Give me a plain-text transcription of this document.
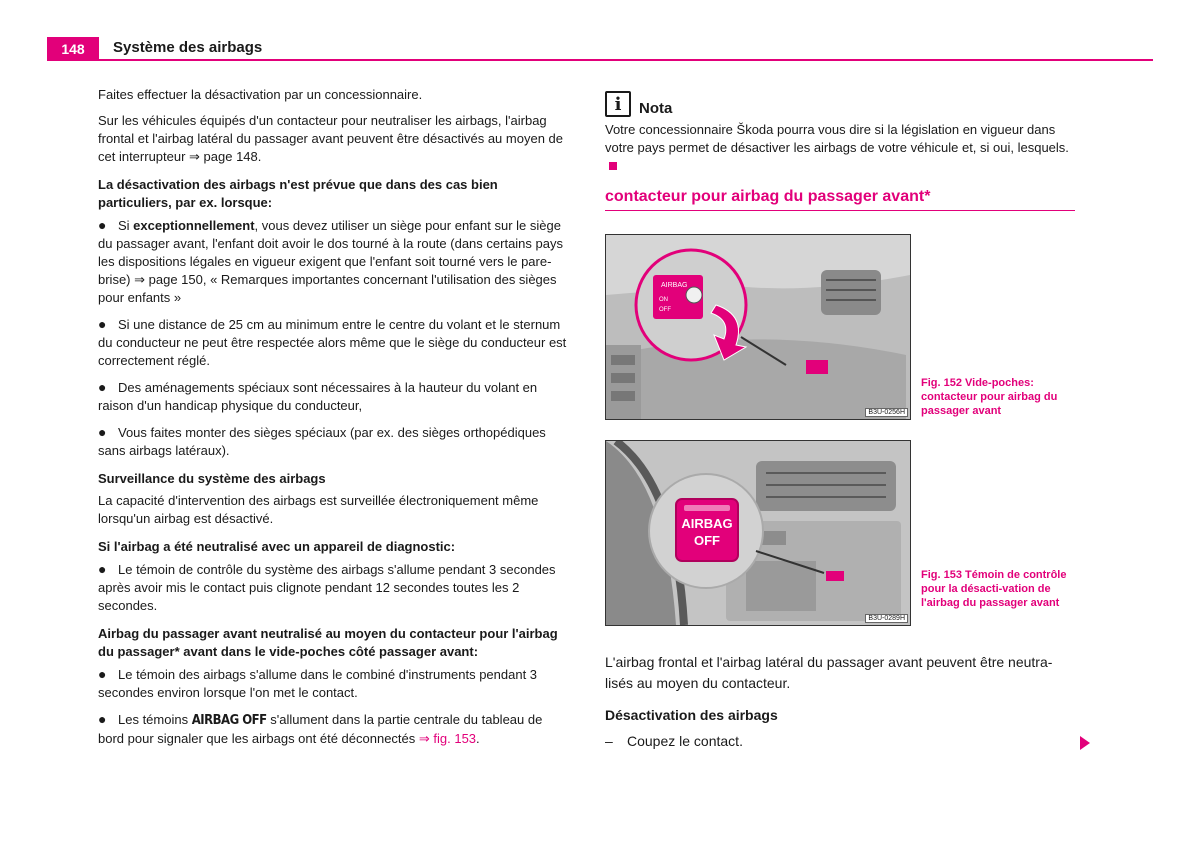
148	Système des airbags

Faites effectuer la désactivation par un concessionnaire.

Sur les véhicules équipés d'un contacteur pour neutraliser les airbags, l'airbag frontal et l'airbag latéral du passager avant peuvent être désactivés au moyen de cet interrupteur ⇒ page 148.

La désactivation des airbags n'est prévue que dans des cas bien particuliers, par ex. lorsque:

● Si exceptionnellement, vous devez utiliser un siège pour enfant sur le siège du passager avant, l'enfant doit avoir le dos tourné à la route (dans certains pays les dispositions légales en vigueur exigent que l'enfant soit tourné vers le pare-brise) ⇒ page 150, « Remarques importantes concernant l'utilisation des sièges pour enfants »

● Si une distance de 25 cm au minimum entre le centre du volant et le sternum du conducteur ne peut être respectée alors même que le siège du conducteur est correctement réglé.

● Des aménagements spéciaux sont nécessaires à la hauteur du volant en raison d'un handicap physique du conducteur,

● Vous faites monter des sièges spéciaux (par ex. des sièges orthopédiques sans airbags latéraux).

Surveillance du système des airbags

La capacité d'intervention des airbags est surveillée électroniquement même lorsqu'un airbag est désactivé.

Si l'airbag a été neutralisé avec un appareil de diagnostic:

● Le témoin de contrôle du système des airbags s'allume pendant 3 secondes après avoir mis le contact puis clignote pendant 12 secondes toutes les 2 secondes.

Airbag du passager avant neutralisé au moyen du contacteur pour l'airbag du passager* avant dans le vide-poches côté passager avant:

● Le témoin des airbags s'allume dans le combiné d'instruments pendant 3 secondes environ lorsque l'on met le contact.

● Les témoins AIRBAG OFF s'allument dans la partie centrale du tableau de bord pour signaler que les airbags ont été déconnectés ⇒ fig. 153.

i Nota
Votre concessionnaire Škoda pourra vous dire si la législation en vigueur dans votre pays permet de désactiver les airbags de votre véhicule et, si oui, lesquels.
contacteur pour airbag du passager avant*
AIRBAG
ON
OFF
B3U-0256H
Fig. 152 Vide-poches: contacteur pour airbag du passager avant
AIRBAG
OFF
B3U-0289H
Fig. 153 Témoin de contrôle pour la désacti-vation de l'airbag du passager avant
L'airbag frontal et l'airbag latéral du passager avant peuvent être neutra-lisés au moyen du contacteur.
Désactivation des airbags
– Coupez le contact.
